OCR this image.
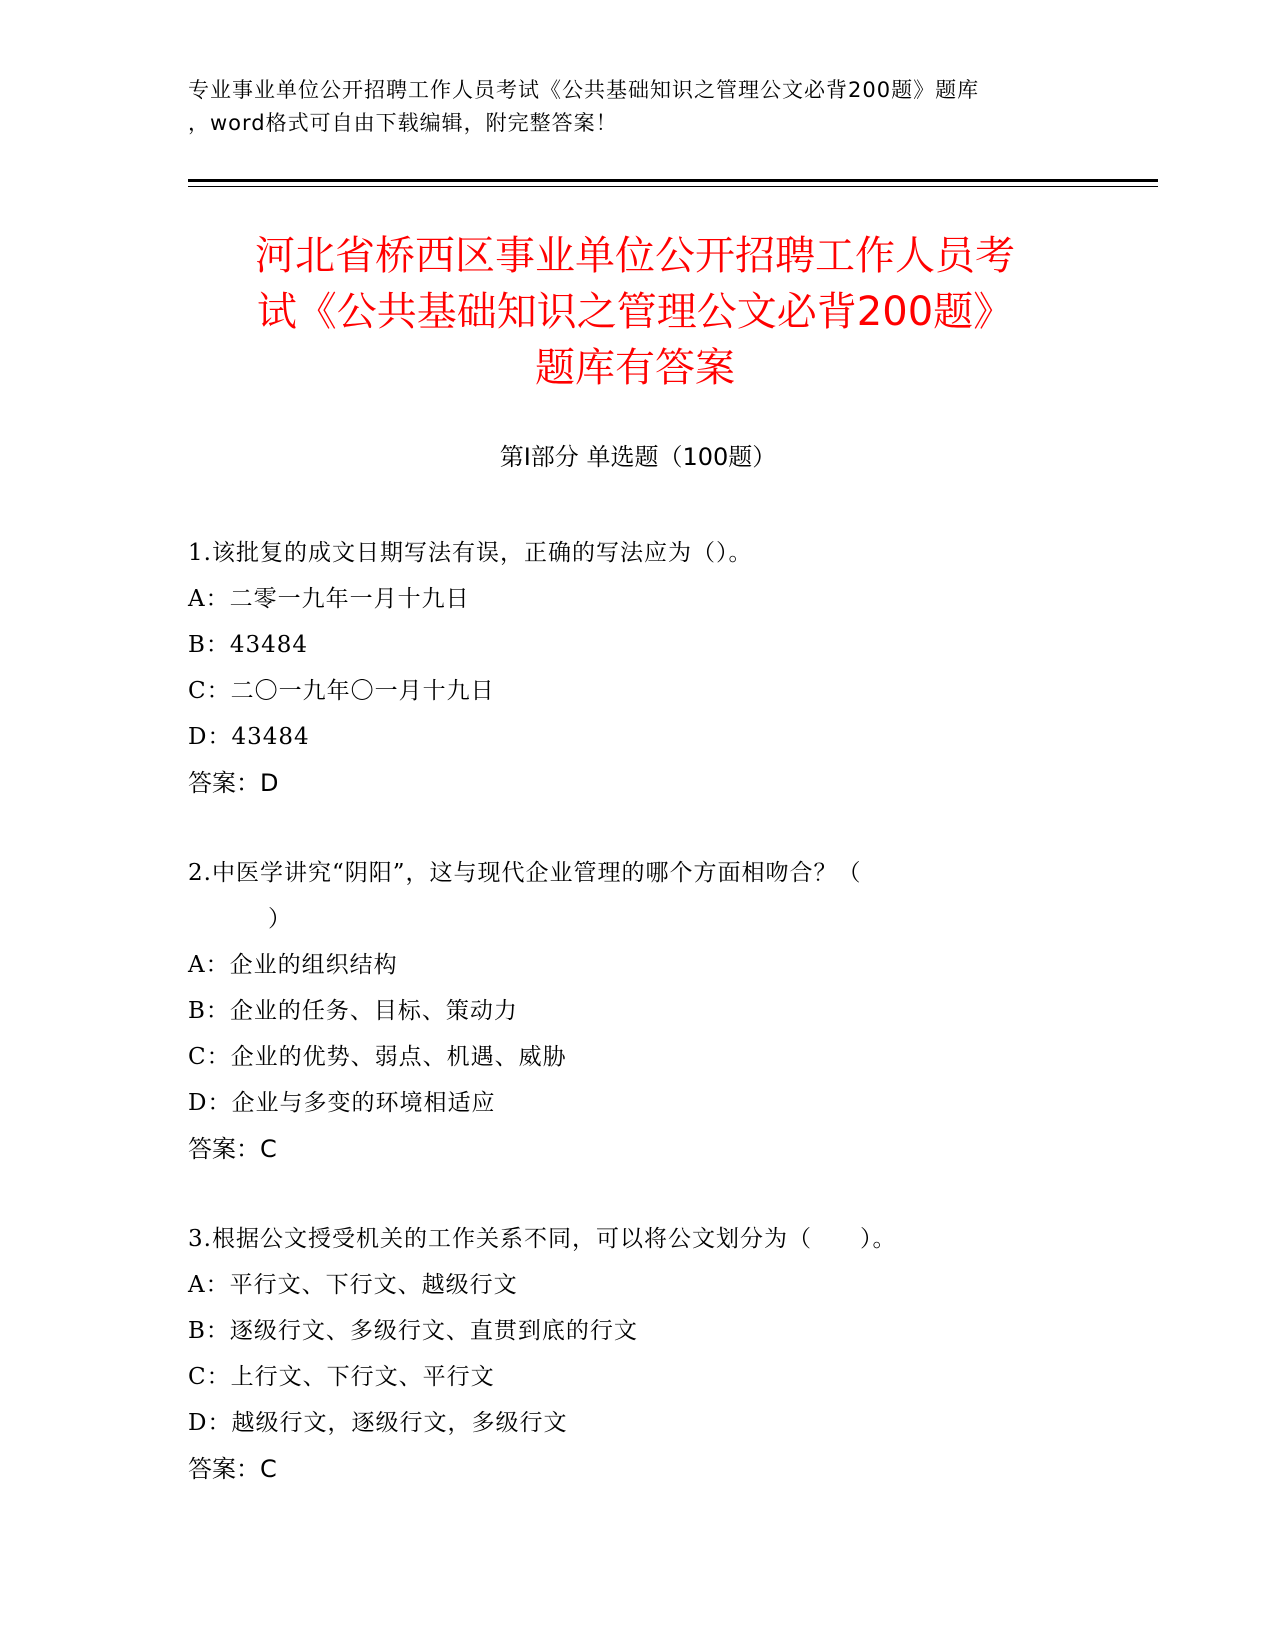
专业事业单位公开招聘工作人员考试《公共基础知识之管理公文必背200题》题库
，word格式可自由下载编辑，附完整答案！
河北省桥西区事业单位公开招聘工作人员考
试《公共基础知识之管理公文必背200题》
题库有答案
第Ⅰ部分 单选题（100题）
1.该批复的成文日期写法有误，正确的写法应为（）。
A：二零一九年一月十九日
B：43484
C：二〇一九年〇一月十九日
D：43484
答案：D
2.中医学讲究“阴阳”，这与现代企业管理的哪个方面相吻合？（
）
A：企业的组织结构
B：企业的任务、目标、策动力
C：企业的优势、弱点、机遇、威胁
D：企业与多变的环境相适应
答案：C
3.根据公文授受机关的工作关系不同，可以将公文划分为（　　）。
A：平行文、下行文、越级行文
B：逐级行文、多级行文、直贯到底的行文
C：上行文、下行文、平行文
D：越级行文，逐级行文，多级行文
答案：C
